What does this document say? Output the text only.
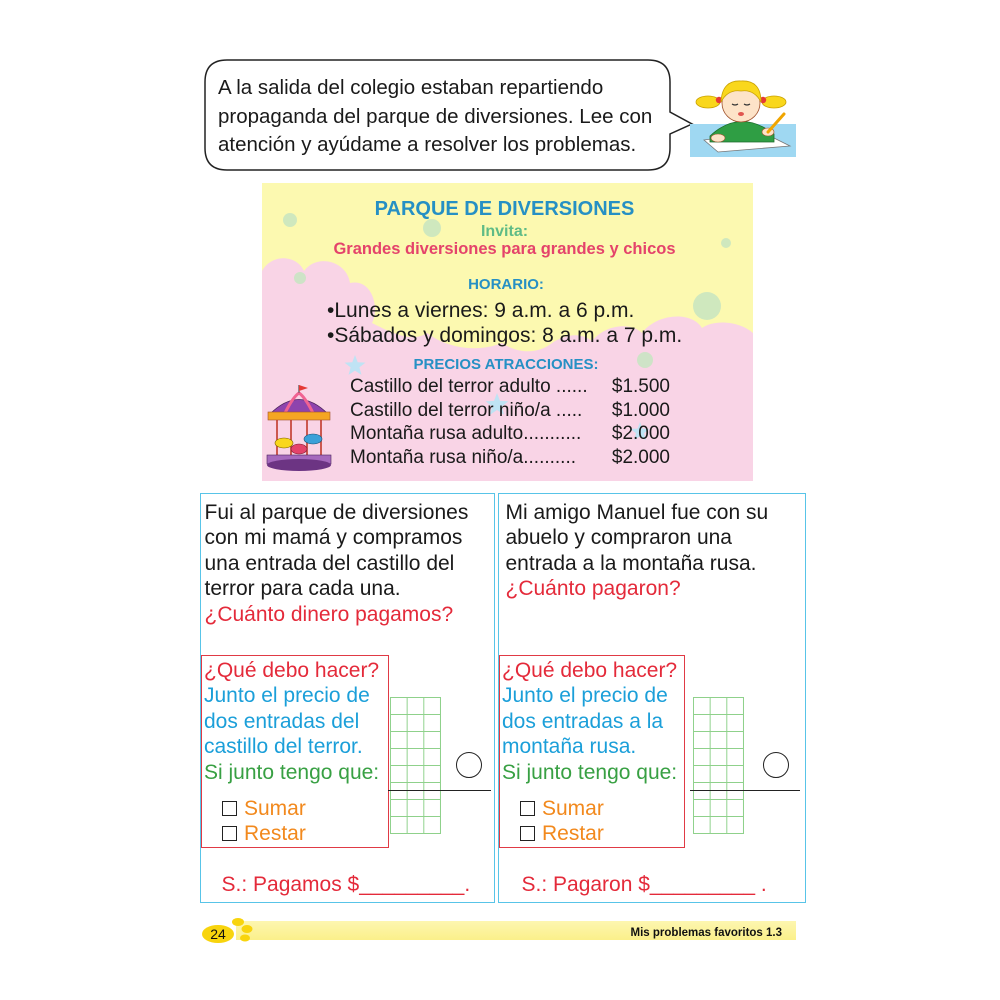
A la salida del colegio estaban repartiendo
propaganda del parque de diversiones. Lee con
atención y ayúdame a resolver los problemas.
PARQUE DE DIVERSIONES
Invita:
Grandes diversiones para grandes y chicos
HORARIO:
•Lunes a viernes: 9 a.m. a 6 p.m.
•Sábados y domingos: 8 a.m. a 7 p.m.
PRECIOS ATRACCIONES:
Castillo del terror adulto ...... $1.500
Castillo del terror niño/a ..... $1.000
Montaña rusa adulto........... $2.000
Montaña rusa niño/a.......... $2.000
Fui al parque de diversiones
con mi mamá y compramos
una entrada del castillo del
terror para cada una.
¿Cuánto dinero pagamos?
¿Qué debo hacer?
Junto el precio de
dos entradas del
castillo del terror.
Si junto tengo que:
Sumar
Restar
S.: Pagamos $_________.
Mi amigo Manuel fue con su
abuelo y compraron una
entrada a la montaña rusa.
¿Cuánto pagaron?
¿Qué debo hacer?
Junto el precio de
dos entradas a la
montaña rusa.
Si junto tengo que:
Sumar
Restar
S.: Pagaron $_________ .
24	Mis problemas favoritos 1.3
